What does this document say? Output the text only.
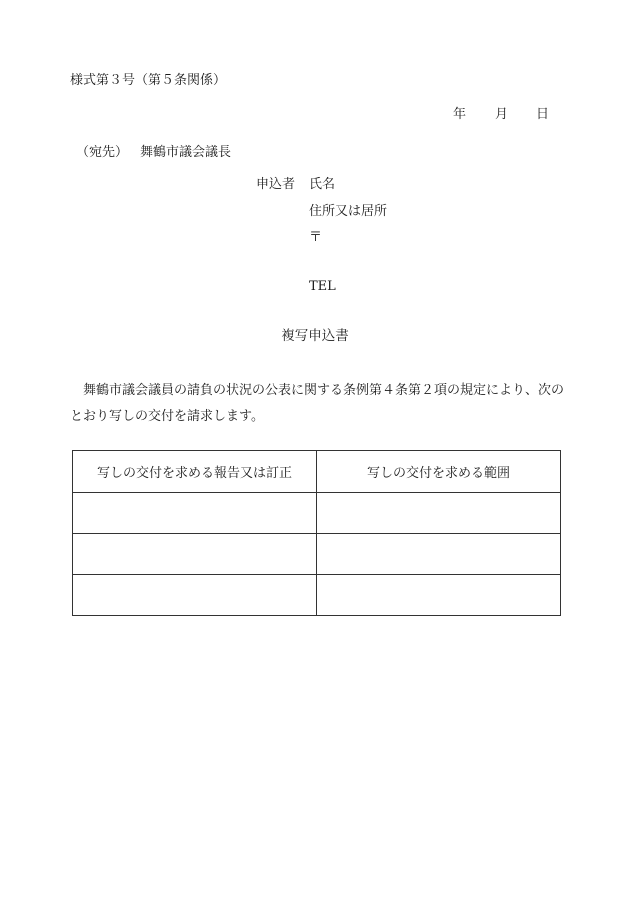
様式第３号（第５条関係）
年 月 日
（宛先） 舞鶴市議会議長
申込者 氏名
住所又は居所
〒
TEL
複写申込書
舞鶴市議会議員の請負の状況の公表に関する条例第４条第２項の規定により、次のとおり写しの交付を請求します。
写しの交付を求める報告又は訂正	写しの交付を求める範囲
